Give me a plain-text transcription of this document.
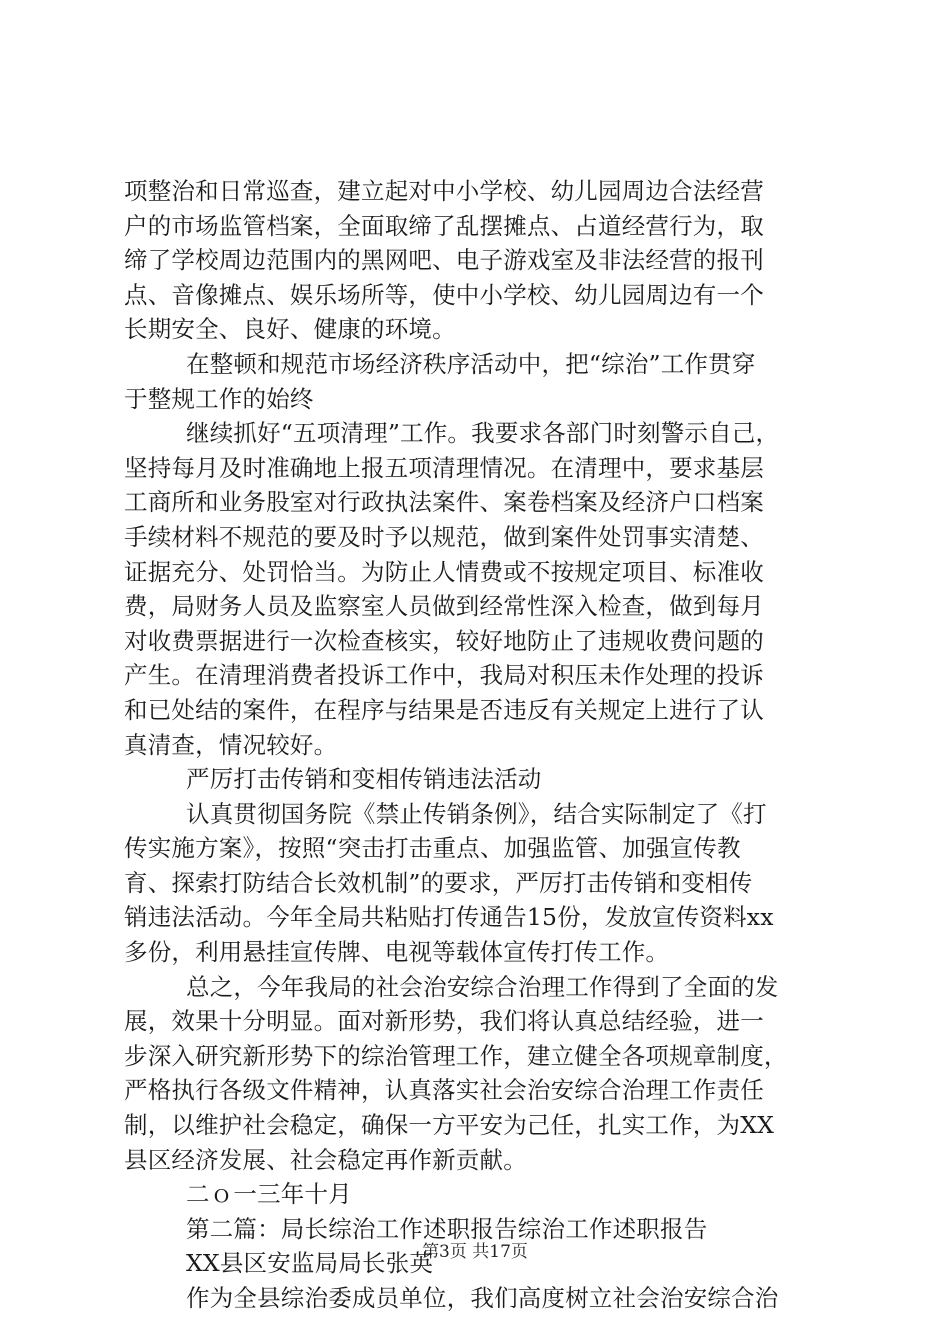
项整治和日常巡查，建立起对中小学校、幼儿园周边合法经营
户的市场监管档案，全面取缔了乱摆摊点、占道经营行为，取
缔了学校周边范围内的黑网吧、电子游戏室及非法经营的报刊
点、音像摊点、娱乐场所等，使中小学校、幼儿园周边有一个
长期安全、良好、健康的环境。
在整顿和规范市场经济秩序活动中，把“综治”工作贯穿
于整规工作的始终
继续抓好“五项清理”工作。我要求各部门时刻警示自己，
坚持每月及时准确地上报五项清理情况。在清理中，要求基层
工商所和业务股室对行政执法案件、案卷档案及经济户口档案
手续材料不规范的要及时予以规范，做到案件处罚事实清楚、
证据充分、处罚恰当。为防止人情费或不按规定项目、标准收
费，局财务人员及监察室人员做到经常性深入检查，做到每月
对收费票据进行一次检查核实，较好地防止了违规收费问题的
产生。在清理消费者投诉工作中，我局对积压未作处理的投诉
和已处结的案件，在程序与结果是否违反有关规定上进行了认
真清查，情况较好。
严厉打击传销和变相传销违法活动
认真贯彻国务院《禁止传销条例》，结合实际制定了《打
传实施方案》，按照“突击打击重点、加强监管、加强宣传教
育、探索打防结合长效机制”的要求，严厉打击传销和变相传
销违法活动。今年全局共粘贴打传通告15份，发放宣传资料xx
多份，利用悬挂宣传牌、电视等载体宣传打传工作。
总之，今年我局的社会治安综合治理工作得到了全面的发
展，效果十分明显。面对新形势，我们将认真总结经验，进一
步深入研究新形势下的综治管理工作，建立健全各项规章制度，
严格执行各级文件精神，认真落实社会治安综合治理工作责任
制，以维护社会稳定，确保一方平安为己任，扎实工作，为XX
县区经济发展、社会稳定再作新贡献。
二ｏ一三年十月
第二篇：局长综治工作述职报告综治工作述职报告
XX县区安监局局长张英
作为全县综治委成员单位，我们高度树立社会治安综合治
第3页 共17页
